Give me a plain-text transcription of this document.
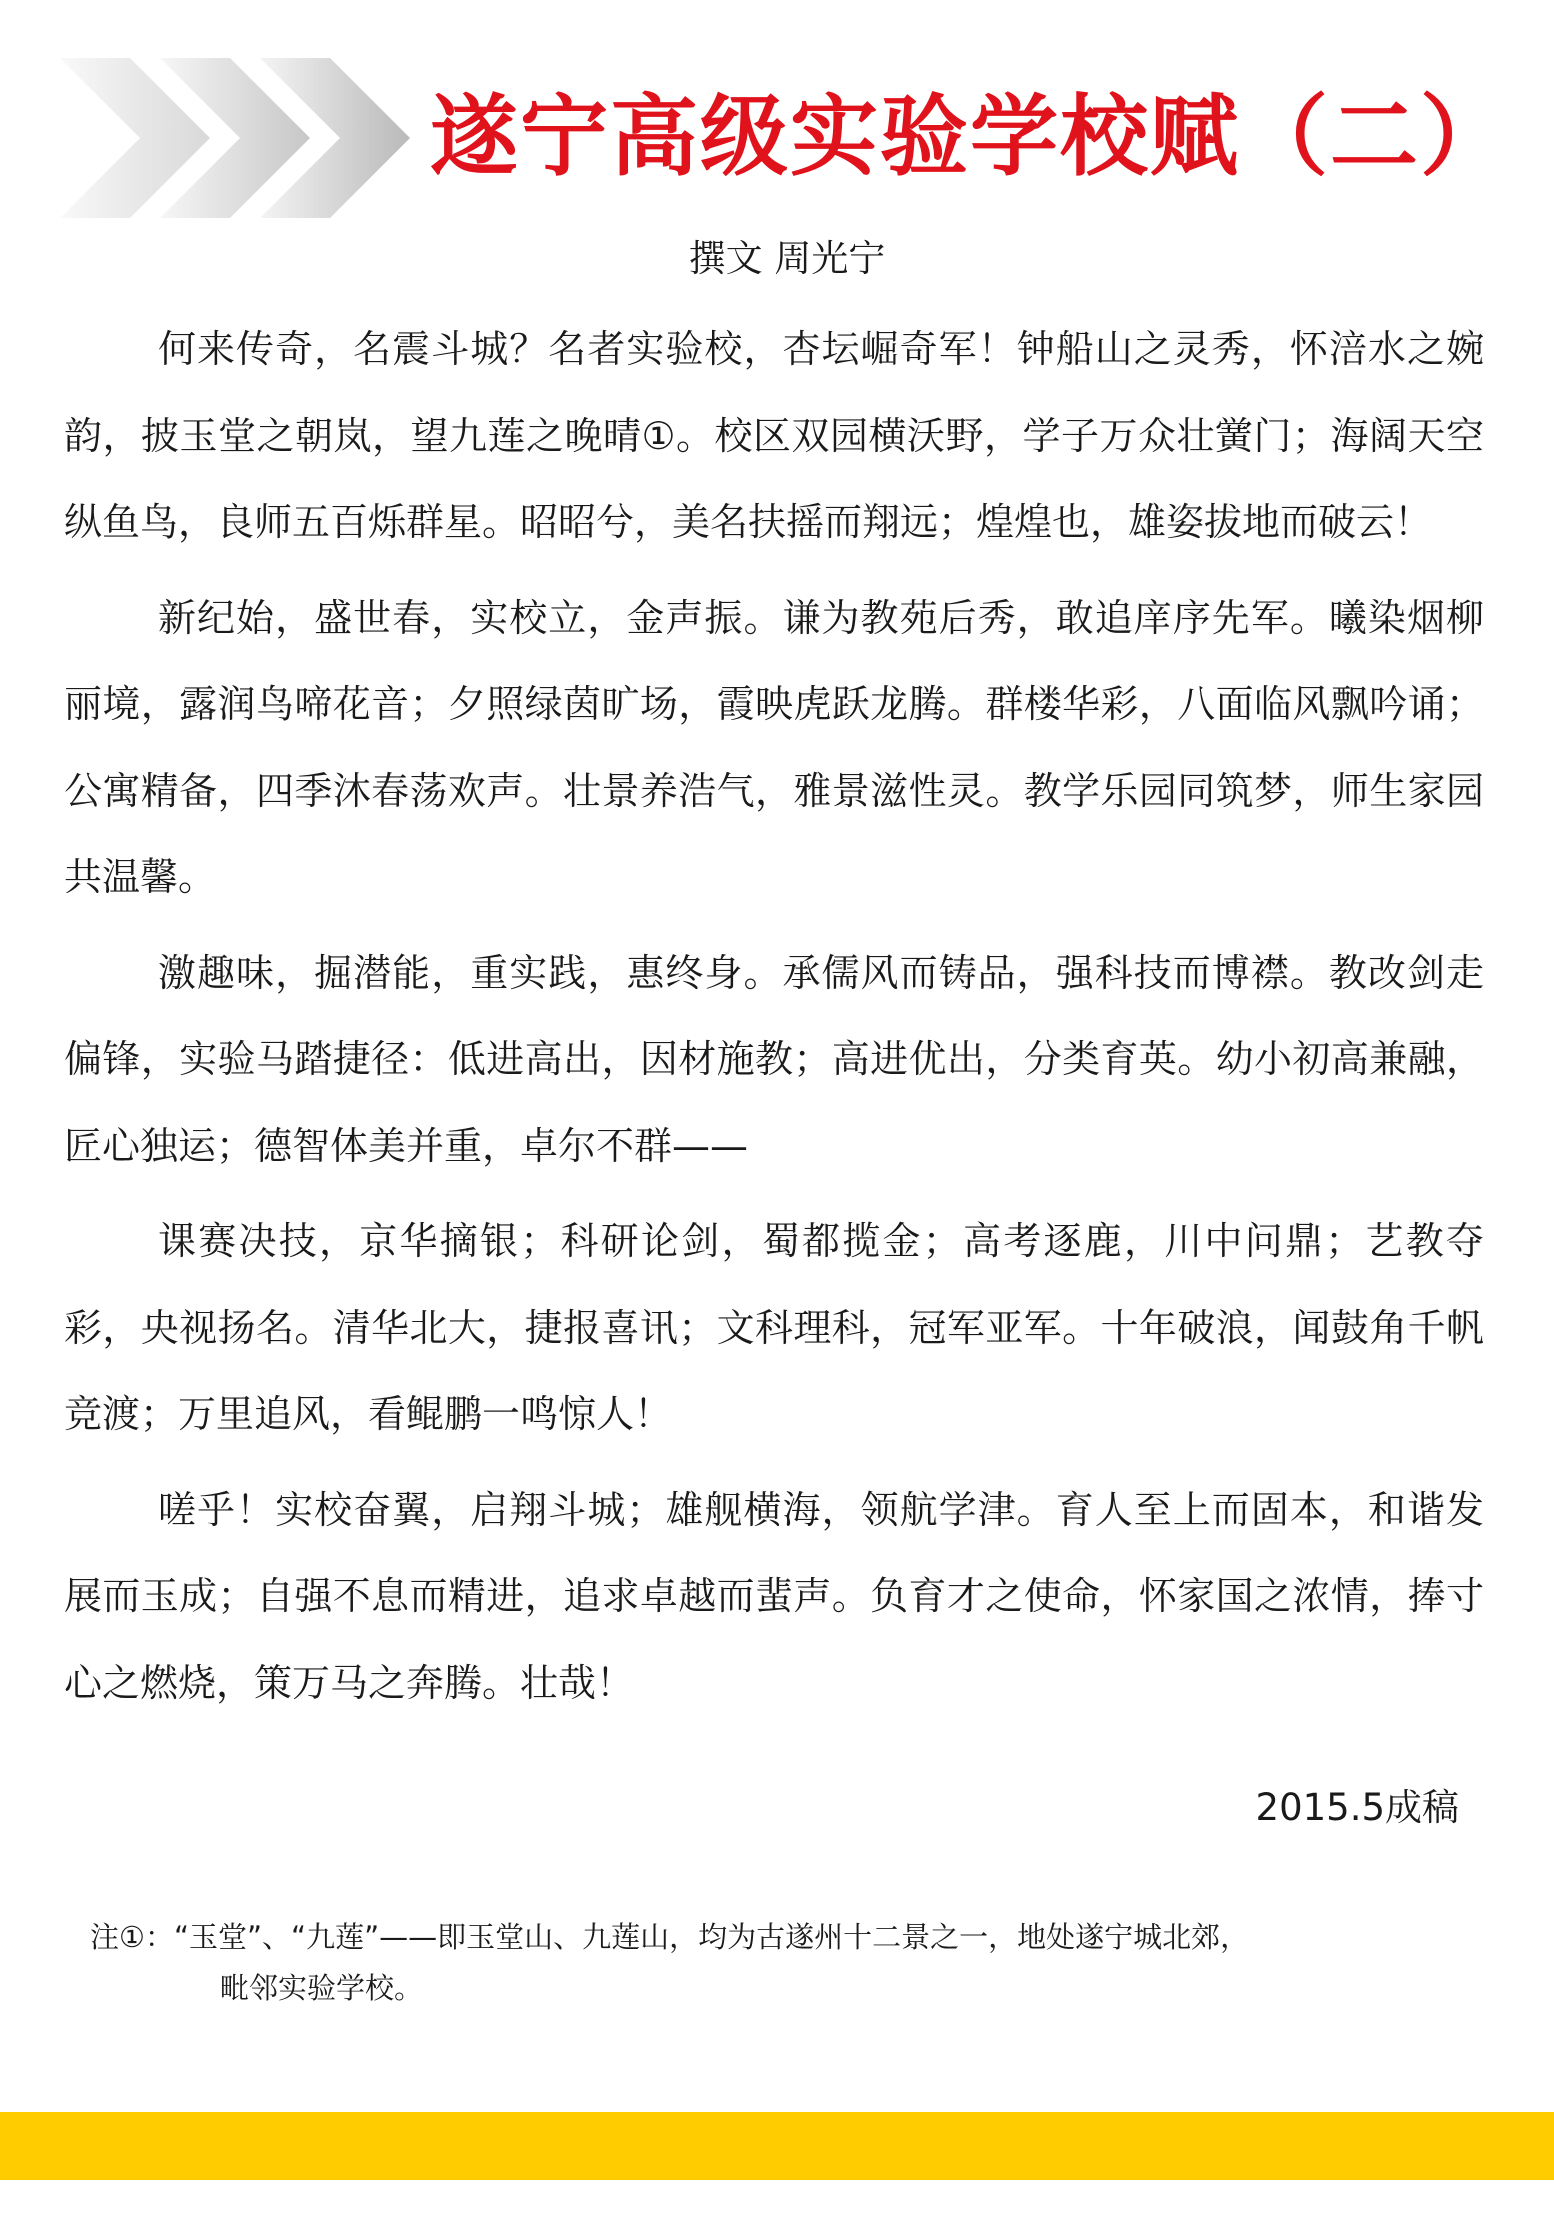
遂宁高级实验学校赋（二）

撰文 周光宁

何来传奇，名震斗城？名者实验校，杏坛崛奇军！钟船山之灵秀，怀涪水之婉韵，披玉堂之朝岚，望九莲之晚晴①。校区双园横沃野，学子万众壮黉门；海阔天空纵鱼鸟，良师五百烁群星。昭昭兮，美名扶摇而翔远；煌煌也，雄姿拔地而破云！

新纪始，盛世春，实校立，金声振。谦为教苑后秀，敢追庠序先军。曦染烟柳丽境，露润鸟啼花音；夕照绿茵旷场，霞映虎跃龙腾。群楼华彩，八面临风飘吟诵；公寓精备，四季沐春荡欢声。壮景养浩气，雅景滋性灵。教学乐园同筑梦，师生家园共温馨。

激趣味，掘潜能，重实践，惠终身。承儒风而铸品，强科技而博襟。教改剑走偏锋，实验马踏捷径：低进高出，因材施教；高进优出，分类育英。幼小初高兼融，匠心独运；德智体美并重，卓尔不群——

课赛决技，京华摘银；科研论剑，蜀都揽金；高考逐鹿，川中问鼎；艺教夺彩，央视扬名。清华北大，捷报喜讯；文科理科，冠军亚军。十年破浪，闻鼓角千帆竞渡；万里追风，看鲲鹏一鸣惊人！

嗟乎！实校奋翼，启翔斗城；雄舰横海，领航学津。育人至上而固本，和谐发展而玉成；自强不息而精进，追求卓越而蜚声。负育才之使命，怀家国之浓情，捧寸心之燃烧，策万马之奔腾。壮哉！

2015.5成稿

注①：“玉堂”、“九莲”——即玉堂山、九莲山，均为古遂州十二景之一，地处遂宁城北郊，
毗邻实验学校。
